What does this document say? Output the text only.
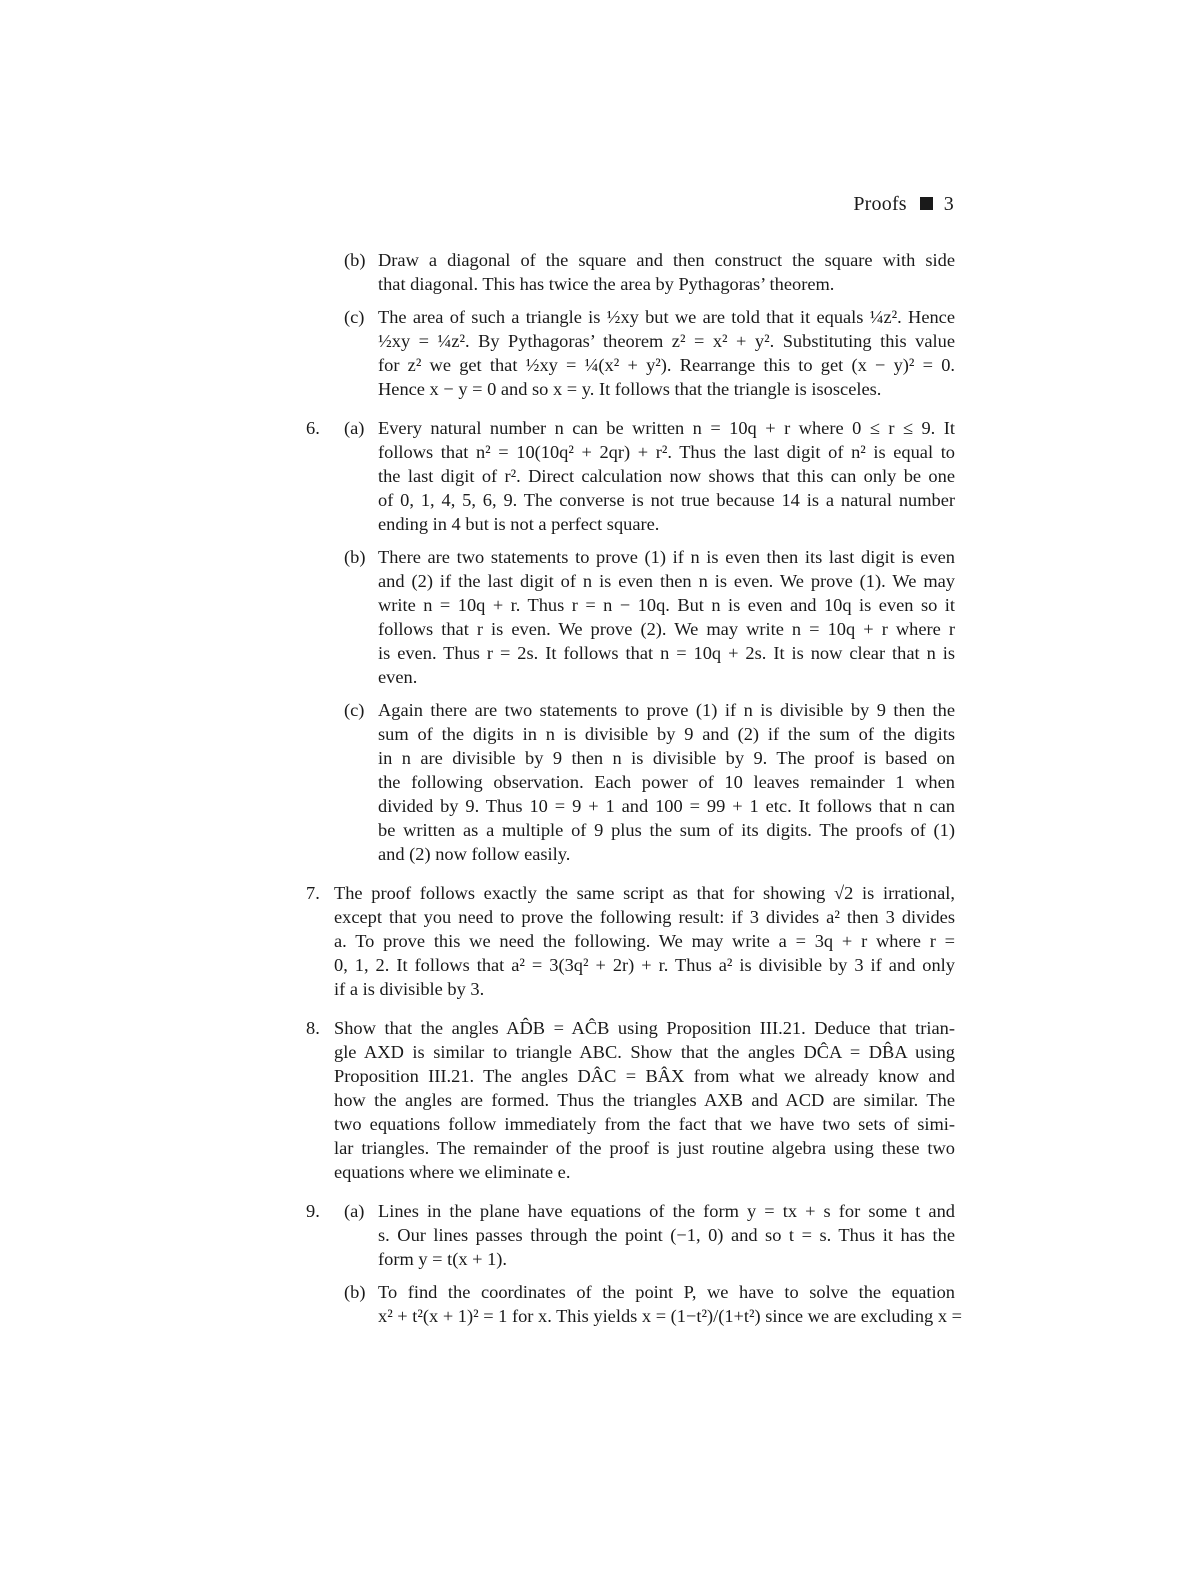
Proofs 3
(b) Draw a diagonal of the square and then construct the square with side
that diagonal. This has twice the area by Pythagoras’ theorem.
(c) The area of such a triangle is ½xy but we are told that it equals ¼z². Hence
½xy = ¼z². By Pythagoras’ theorem z² = x² + y². Substituting this value
for z² we get that ½xy = ¼(x² + y²). Rearrange this to get (x − y)² = 0.
Hence x − y = 0 and so x = y. It follows that the triangle is isosceles.
6. (a) Every natural number n can be written n = 10q + r where 0 ≤ r ≤ 9. It
follows that n² = 10(10q² + 2qr) + r². Thus the last digit of n² is equal to
the last digit of r². Direct calculation now shows that this can only be one
of 0, 1, 4, 5, 6, 9. The converse is not true because 14 is a natural number
ending in 4 but is not a perfect square.
(b) There are two statements to prove (1) if n is even then its last digit is even
and (2) if the last digit of n is even then n is even. We prove (1). We may
write n = 10q + r. Thus r = n − 10q. But n is even and 10q is even so it
follows that r is even. We prove (2). We may write n = 10q + r where r
is even. Thus r = 2s. It follows that n = 10q + 2s. It is now clear that n is
even.
(c) Again there are two statements to prove (1) if n is divisible by 9 then the
sum of the digits in n is divisible by 9 and (2) if the sum of the digits
in n are divisible by 9 then n is divisible by 9. The proof is based on
the following observation. Each power of 10 leaves remainder 1 when
divided by 9. Thus 10 = 9 + 1 and 100 = 99 + 1 etc. It follows that n can
be written as a multiple of 9 plus the sum of its digits. The proofs of (1)
and (2) now follow easily.
7. The proof follows exactly the same script as that for showing √2 is irrational,
except that you need to prove the following result: if 3 divides a² then 3 divides
a. To prove this we need the following. We may write a = 3q + r where r =
0, 1, 2. It follows that a² = 3(3q² + 2r) + r. Thus a² is divisible by 3 if and only
if a is divisible by 3.
8. Show that the angles AD̂B = AĈB using Proposition III.21. Deduce that trian-
gle AXD is similar to triangle ABC. Show that the angles DĈA = DB̂A using
Proposition III.21. The angles DÂC = BÂX from what we already know and
how the angles are formed. Thus the triangles AXB and ACD are similar. The
two equations follow immediately from the fact that we have two sets of simi-
lar triangles. The remainder of the proof is just routine algebra using these two
equations where we eliminate e.
9. (a) Lines in the plane have equations of the form y = tx + s for some t and
s. Our lines passes through the point (−1, 0) and so t = s. Thus it has the
form y = t(x + 1).
(b) To find the coordinates of the point P, we have to solve the equation
x² + t²(x + 1)² = 1 for x. This yields x = (1−t²)/(1+t²) since we are excluding x =
